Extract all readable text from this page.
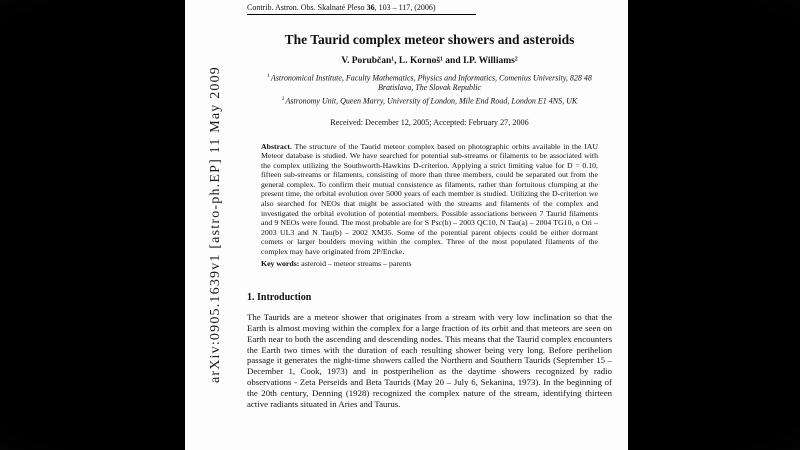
arXiv:0905.1639v1 [astro-ph.EP] 11 May 2009
Contrib. Astron. Obs. Skalnaté Pleso 36, 103 – 117, (2006)
The Taurid complex meteor showers and asteroids
V. Porubčan¹, L. Kornoš¹ and I.P. Williams²
$^1$Astronomical Institute, Faculty Mathematics, Physics and Informatics, Comenius University, 828 48 Bratislava, The Slovak Republic
$^2$Astronomy Unit, Queen Marry, University of London, Mile End Road, London E1 4NS, UK
Received: December 12, 2005; Accepted: February 27, 2006
Abstract. The structure of the Taurid meteor complex based on photographic orbits available in the IAU Meteor database is studied. We have searched for potential sub-streams or filaments to be associated with the complex utilizing the Southworth-Hawkins D-criterion. Applying a strict limiting value for D = 0.10, fifteen sub-streams or filaments, consisting of more than three members, could be separated out from the general complex. To confirm their mutual consistence as filaments, rather than fortuitous clumping at the present time, the orbital evolution over 5000 years of each member is studied. Utilizing the D-criterion we also searched for NEOs that might be associated with the streams and filaments of the complex and investigated the orbital evolution of potential members. Possible associations between 7 Taurid filaments and 9 NEOs were found. The most probable are for S Psc(b) – 2003 QC10, N Tau(a) – 2004 TG10, o Ori – 2003 UL3 and N Tau(b) – 2002 XM35. Some of the potential parent objects could be either dormant comets or larger boulders moving within the complex. Three of the most populated filaments of the complex may have originated from 2P/Encke.
Key words: asteroid – meteor streams – parents
1. Introduction
The Taurids are a meteor shower that originates from a stream with very low inclination so that the Earth is almost moving within the complex for a large fraction of its orbit and that meteors are seen on Earth near to both the ascending and descending nodes. This means that the Taurid complex encounters the Earth two times with the duration of each resulting shower being very long. Before perihelion passage it generates the night-time showers called the Northern and Southern Taurids (September 15 – December 1, Cook, 1973) and in postperihelion as the daytime showers recognized by radio observations - Zeta Perseids and Beta Taurids (May 20 – July 6, Sekanina, 1973). In the beginning of the 20th century, Denning (1928) recognized the complex nature of the stream, identifying thirteen active radiants situated in Aries and Taurus.
